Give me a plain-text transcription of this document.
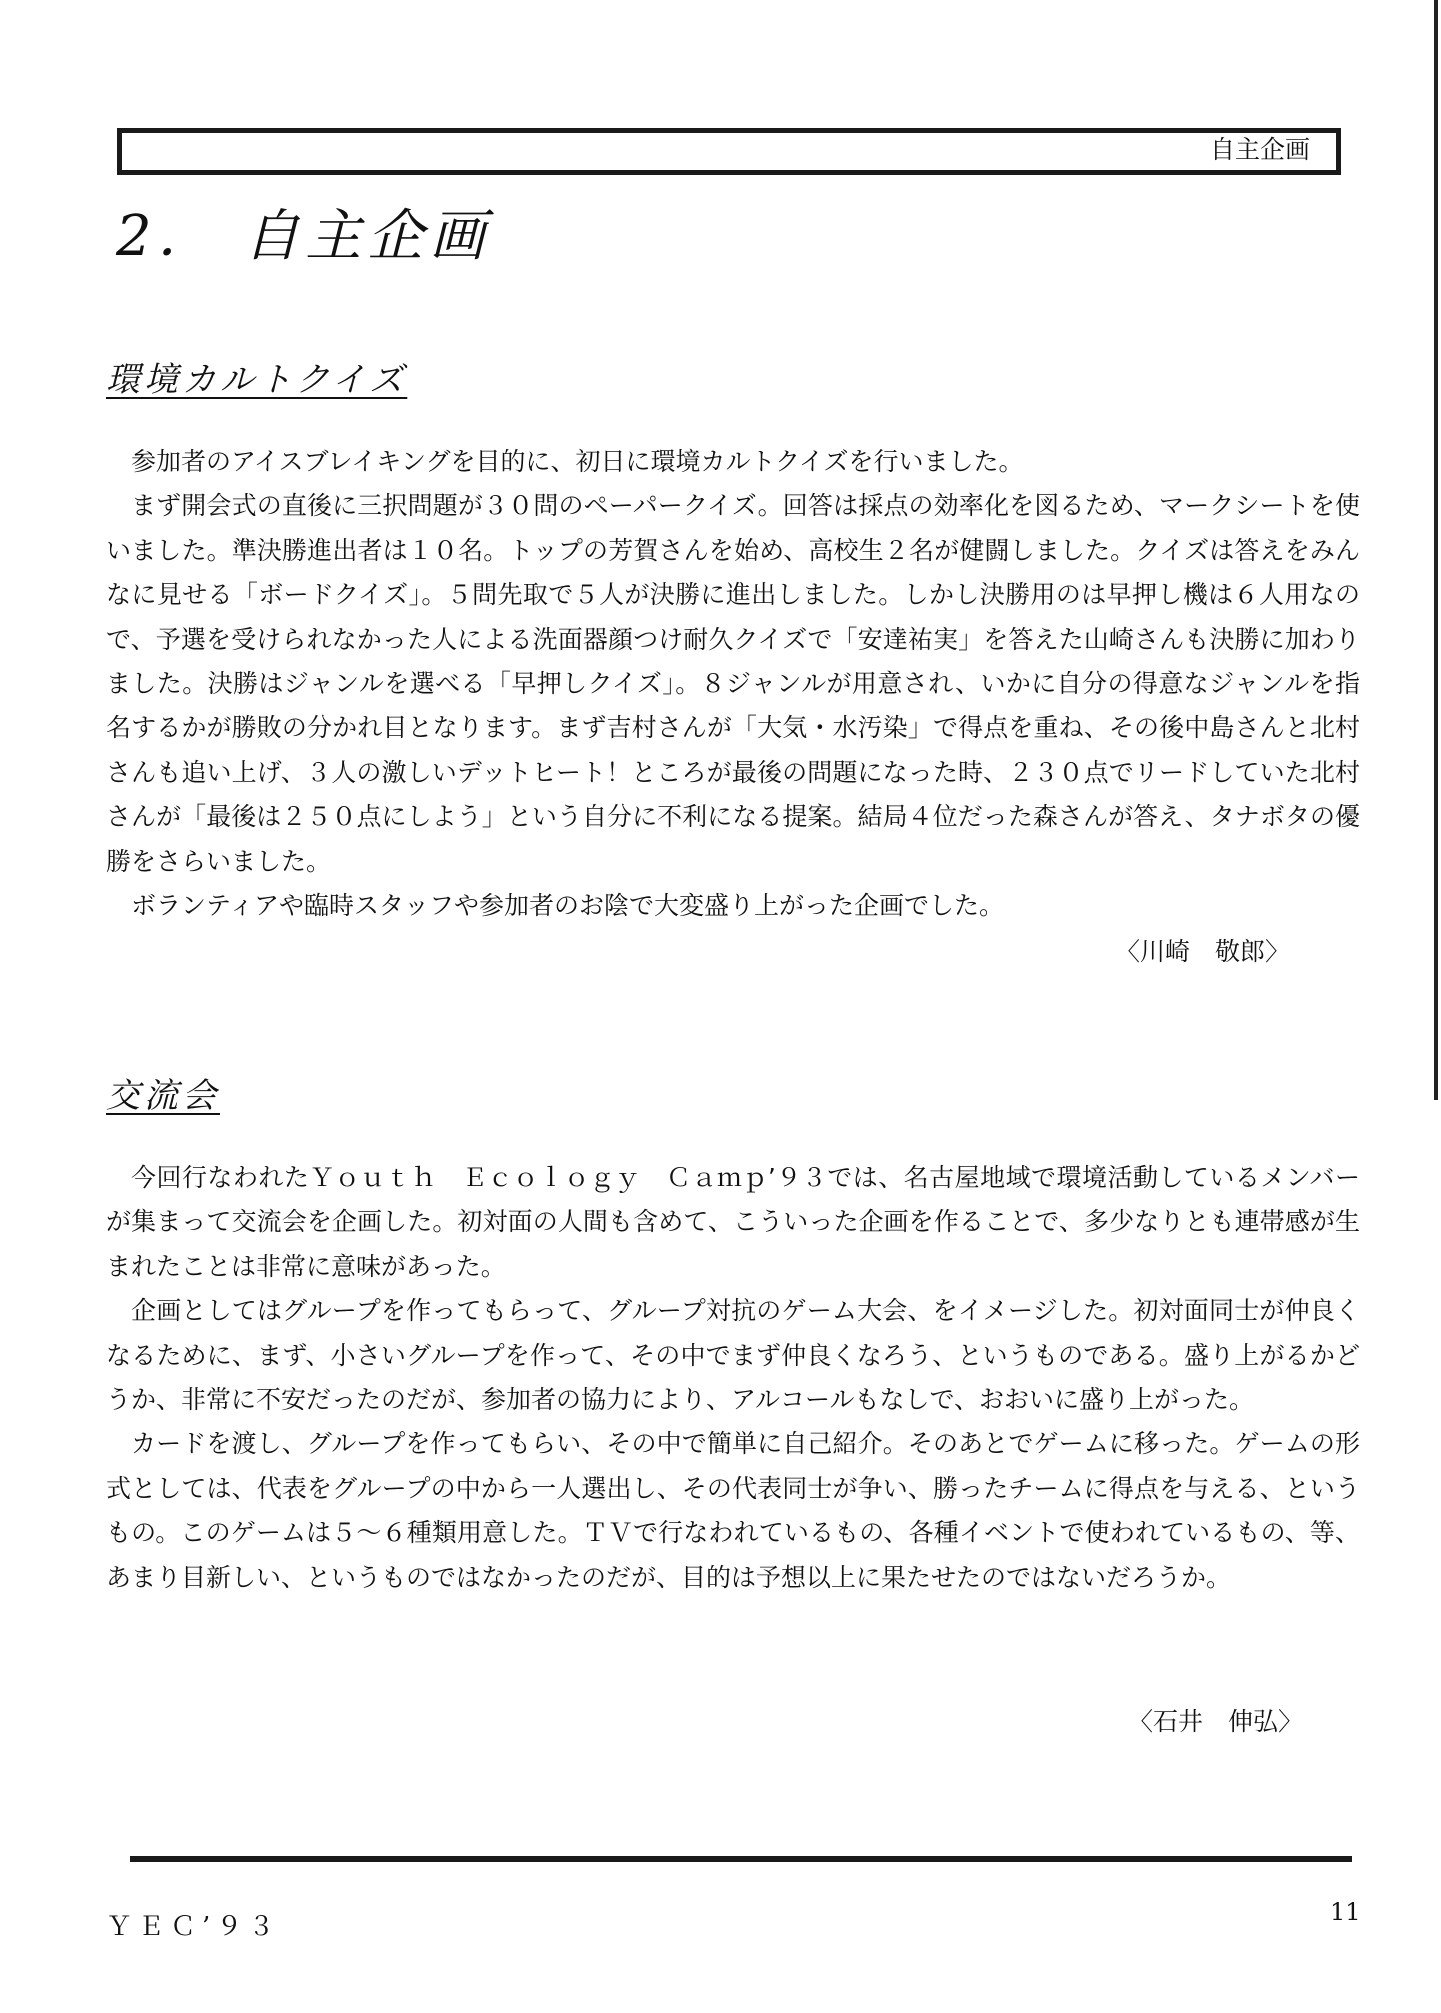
自主企画
2． 自主企画
環境カルトクイズ

参加者のアイスブレイキングを目的に、初日に環境カルトクイズを行いました。

まず開会式の直後に三択問題が３０問のペーパークイズ。回答は採点の効率化を図るため、マークシートを使いました。準決勝進出者は１０名。トップの芳賀さんを始め、高校生２名が健闘しました。クイズは答えをみんなに見せる「ボードクイズ」。５問先取で５人が決勝に進出しました。しかし決勝用のは早押し機は６人用なので、予選を受けられなかった人による洗面器顔つけ耐久クイズで「安達祐実」を答えた山崎さんも決勝に加わりました。決勝はジャンルを選べる「早押しクイズ」。８ジャンルが用意され、いかに自分の得意なジャンルを指名するかが勝敗の分かれ目となります。まず吉村さんが「大気・水汚染」で得点を重ね、その後中島さんと北村さんも追い上げ、３人の激しいデットヒート！ところが最後の問題になった時、２３０点でリードしていた北村さんが「最後は２５０点にしよう」という自分に不利になる提案。結局４位だった森さんが答え、タナボタの優勝をさらいました。

ボランティアや臨時スタッフや参加者のお陰で大変盛り上がった企画でした。

〈川崎　敬郎〉
交流会

今回行なわれたＹｏｕｔｈ　Ｅｃｏｌｏｇｙ　Ｃａｍｐ’９３では、名古屋地域で環境活動しているメンバーが集まって交流会を企画した。初対面の人間も含めて、こういった企画を作ることで、多少なりとも連帯感が生まれたことは非常に意味があった。

企画としてはグループを作ってもらって、グループ対抗のゲーム大会、をイメージした。初対面同士が仲良くなるために、まず、小さいグループを作って、その中でまず仲良くなろう、というものである。盛り上がるかどうか、非常に不安だったのだが、参加者の協力により、アルコールもなしで、おおいに盛り上がった。

カードを渡し、グループを作ってもらい、その中で簡単に自己紹介。そのあとでゲームに移った。ゲームの形式としては、代表をグループの中から一人選出し、その代表同士が争い、勝ったチームに得点を与える、というもの。このゲームは５～６種類用意した。ＴＶで行なわれているもの、各種イベントで使われているもの、等、あまり目新しい、というものではなかったのだが、目的は予想以上に果たせたのではないだろうか。

〈石井　伸弘〉
ＹＥＣ’９３	11
